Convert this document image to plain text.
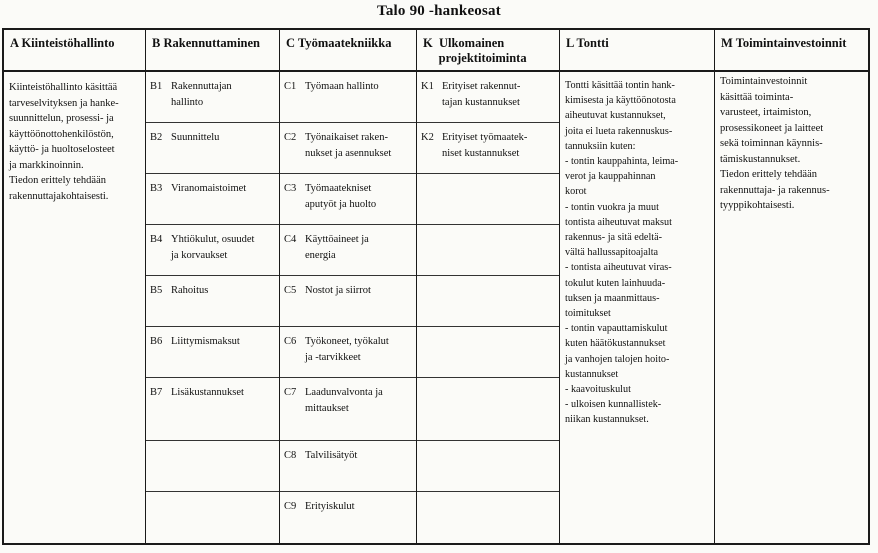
Talo 90 -hankeosat
A Kiinteistöhallinto
Kiinteistöhallinto käsittää
tarveselvityksen ja hanke-
suunnittelun, prosessi- ja
käyttöönottohenkilöstön,
käyttö- ja huoltoselosteet
ja markkinoinnin.
Tiedon erittely tehdään
rakennuttajakohtaisesti.
B Rakennuttaminen
B1 Rakennuttajan
hallinto
B2 Suunnittelu
B3 Viranomaistoimet
B4 Yhtiökulut, osuudet
ja korvaukset
B5 Rahoitus
B6 Liittymismaksut
B7 Lisäkustannukset
C Työmaatekniikka
C1 Työmaan hallinto
C2 Työnaikaiset raken-
nukset ja asennukset
C3 Työmaatekniset
aputyöt ja huolto
C4 Käyttöaineet ja
energia
C5 Nostot ja siirrot
C6 Työkoneet, työkalut
ja -tarvikkeet
C7 Laadunvalvonta ja
mittaukset
C8 Talvilisätyöt
C9 Erityiskulut
K  Ulkomainen
projektitoiminta
K1 Erityiset rakennut-
tajan kustannukset
K2 Erityiset työmaatek-
niset kustannukset
L Tontti
Tontti käsittää tontin hank-
kimisesta ja käyttöönotosta
aiheutuvat kustannukset,
joita ei lueta rakennuskus-
tannuksiin kuten:
- tontin kauppahinta, leima-
verot ja kauppahinnan
korot
- tontin vuokra ja muut
tontista aiheutuvat maksut
rakennus- ja sitä edeltä-
vältä hallussapitoajalta
- tontista aiheutuvat viras-
tokulut kuten lainhuuda-
tuksen ja maanmittaus-
toimitukset
- tontin vapauttamiskulut
kuten häätökustannukset
ja vanhojen talojen hoito-
kustannukset
- kaavoituskulut
- ulkoisen kunnallistek-
niikan kustannukset.
M Toimintainvestoinnit
Toimintainvestoinnit
käsittää toiminta-
varusteet, irtaimiston,
prosessikoneet ja laitteet
sekä toiminnan käynnis-
tämiskustannukset.
Tiedon erittely tehdään
rakennuttaja- ja rakennus-
tyyppikohtaisesti.
